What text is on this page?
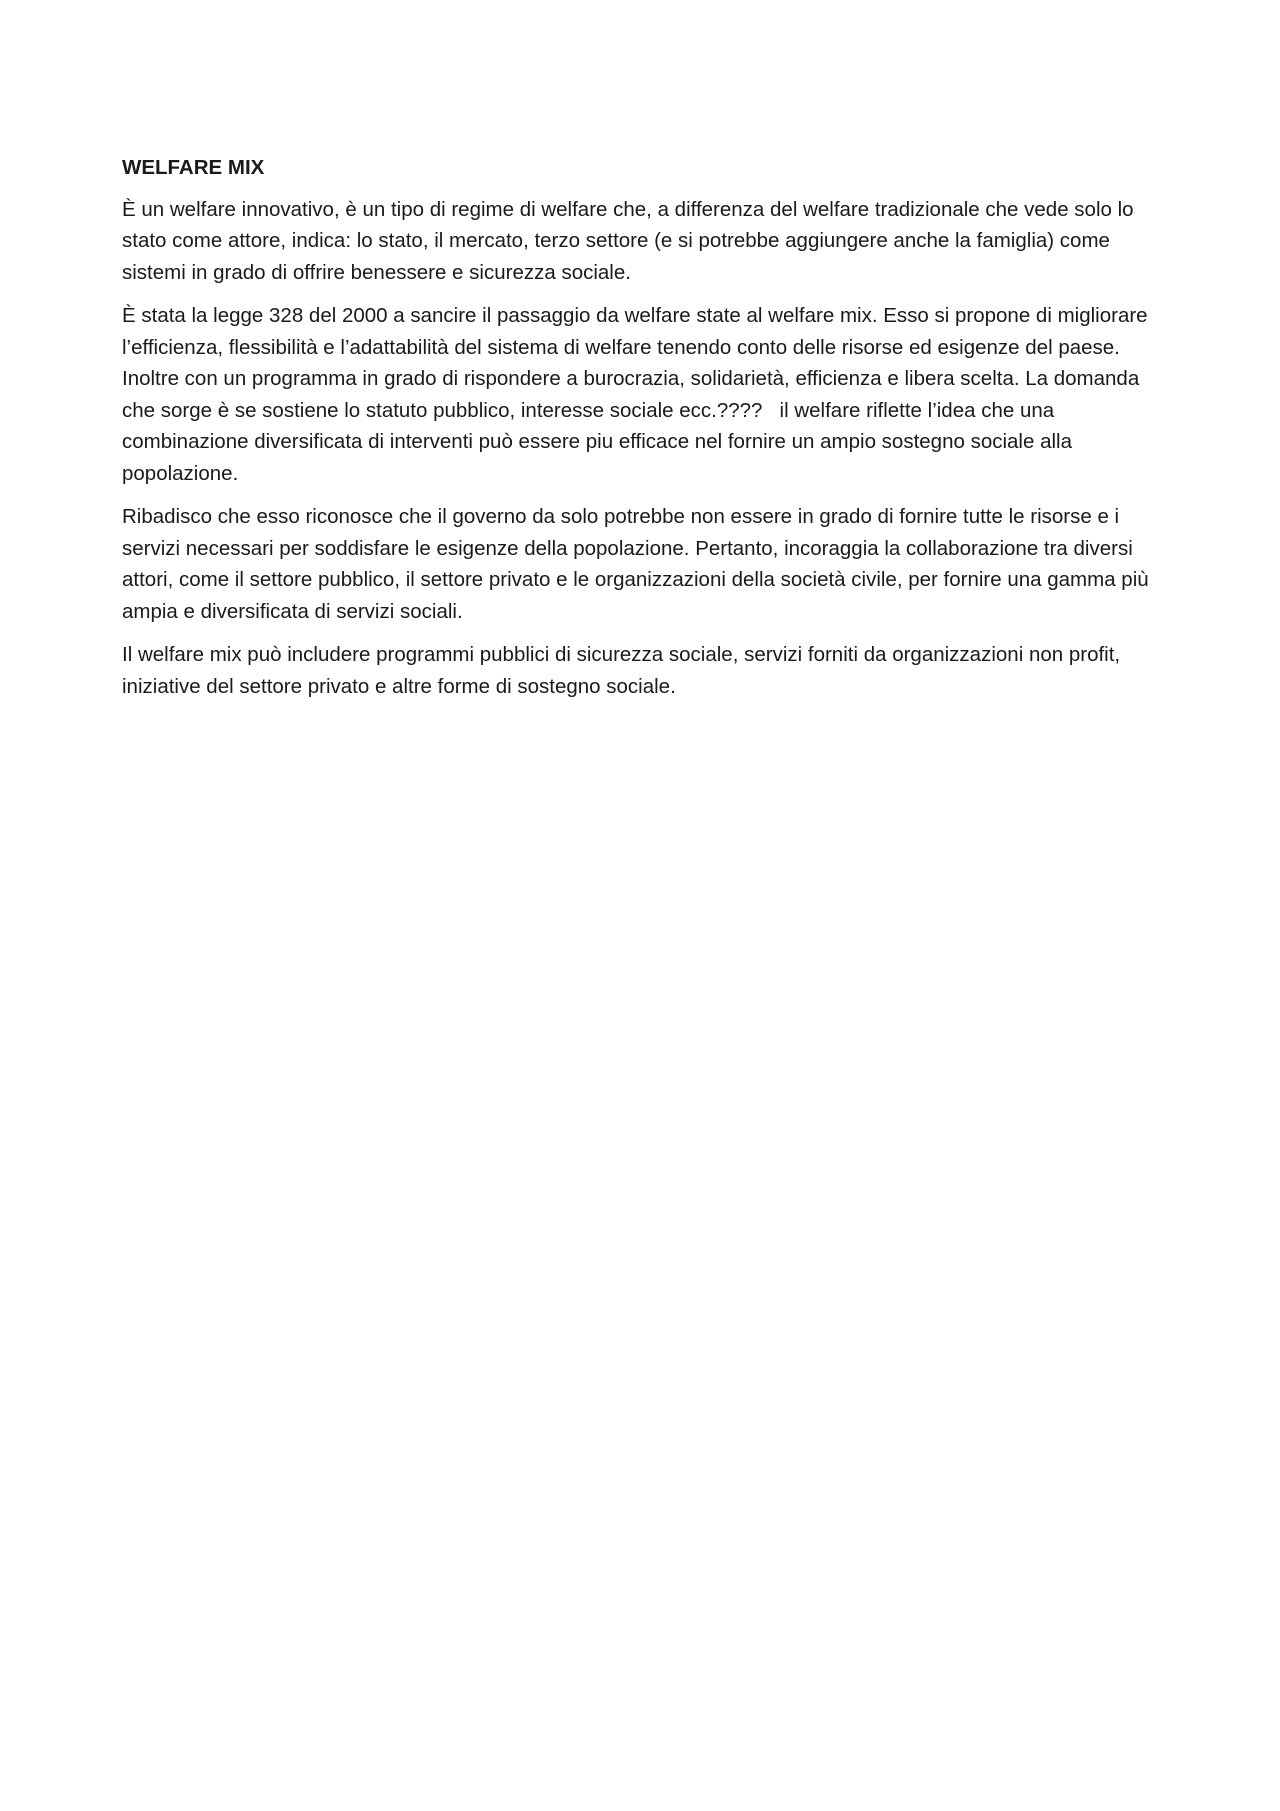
WELFARE MIX

È un welfare innovativo, è un tipo di regime di welfare che, a differenza del welfare tradizionale che vede solo lo stato come attore, indica: lo stato, il mercato, terzo settore (e si potrebbe aggiungere anche la famiglia) come sistemi in grado di offrire benessere e sicurezza sociale.

È stata la legge 328 del 2000 a sancire il passaggio da welfare state al welfare mix. Esso si propone di migliorare l’efficienza, flessibilità e l’adattabilità del sistema di welfare tenendo conto delle risorse ed esigenze del paese. Inoltre con un programma in grado di rispondere a burocrazia, solidarietà, efficienza e libera scelta. La domanda che sorge è se sostiene lo statuto pubblico, interesse sociale ecc.????   il welfare riflette l’idea che una combinazione diversificata di interventi può essere piu efficace nel fornire un ampio sostegno sociale alla popolazione.

Ribadisco che esso riconosce che il governo da solo potrebbe non essere in grado di fornire tutte le risorse e i servizi necessari per soddisfare le esigenze della popolazione. Pertanto, incoraggia la collaborazione tra diversi attori, come il settore pubblico, il settore privato e le organizzazioni della società civile, per fornire una gamma più ampia e diversificata di servizi sociali.

Il welfare mix può includere programmi pubblici di sicurezza sociale, servizi forniti da organizzazioni non profit, iniziative del settore privato e altre forme di sostegno sociale.
